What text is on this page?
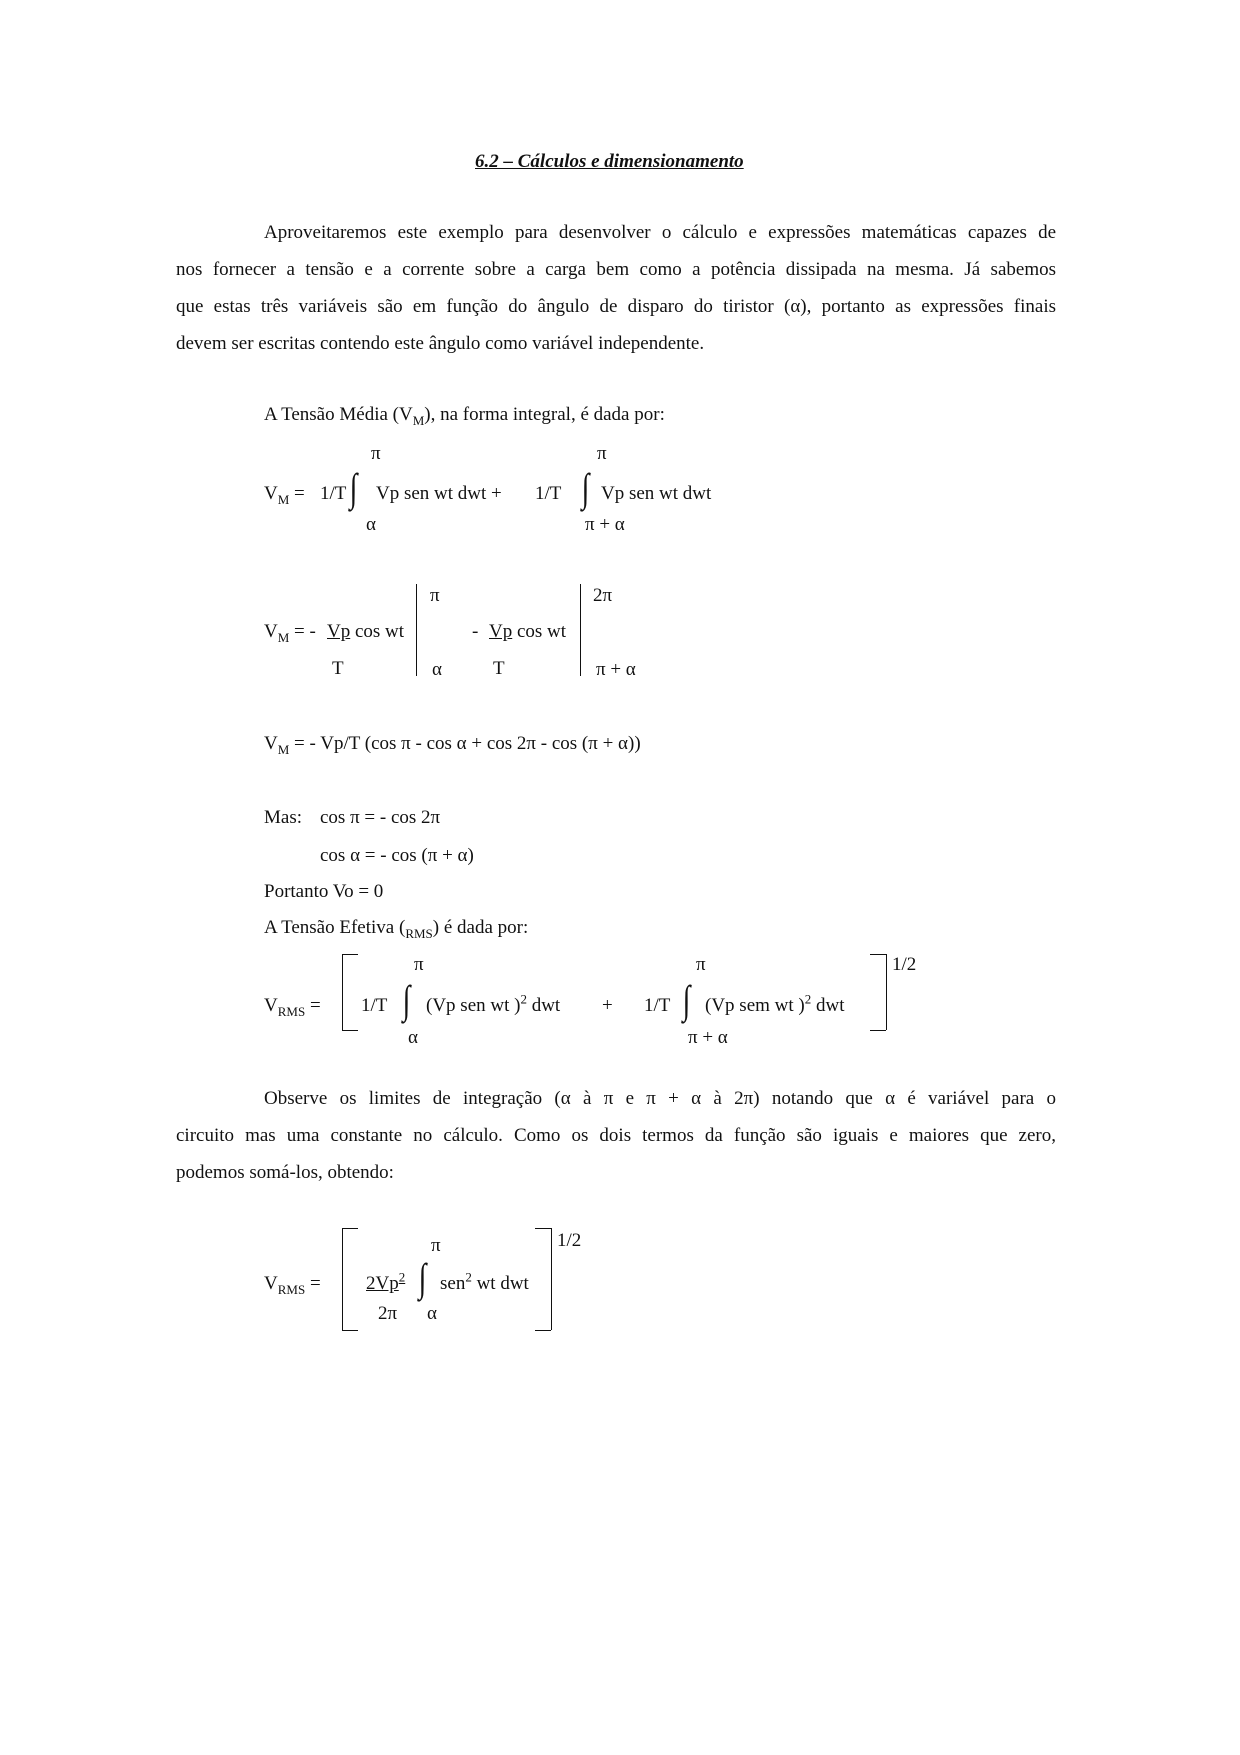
6.2 – Cálculos e dimensionamento
Aproveitaremos este exemplo para desenvolver o cálculo e expressões matemáticas capazes de
nos fornecer a tensão e a corrente sobre a carga bem como a potência dissipada na mesma. Já sabemos
que estas três variáveis são em função do ângulo de disparo do tiristor (α), portanto as expressões finais
devem ser escritas contendo este ângulo como variável independente.
A Tensão Média $(V_M)$, na forma integral, é dada por:
$V_M = 1/T$
π
∫
α
Vp sen wt dwt + 1/T
π
∫
π + α
Vp sen wt dwt
$V_M$ = - Vp cos wt
T
π
α
- Vp cos wt
T
2π
π + α
$V_M$ = - Vp/T (cos π - cos α + cos 2π - cos (π + α))
Mas: cos π = - cos 2π
cos α = - cos (π + α)
Portanto Vo = 0
A Tensão Efetiva $(_{RMS})$ é dada por:
$V_{RMS} = 1/T$
π
∫
α
(Vp sen wt )$^2$ dwt + 1/T
π
∫
π + α
(Vp sem wt )$^2$ dwt
1/2
Observe os limites de integração (α à π e π + α à 2π) notando que α é variável para o
circuito mas uma constante no cálculo. Como os dois termos da função são iguais e maiores que zero,
podemos somá-los, obtendo:
$V_{RMS} = 2Vp^2$
2π
π
∫
α
sen$^2$ wt dwt
1/2
